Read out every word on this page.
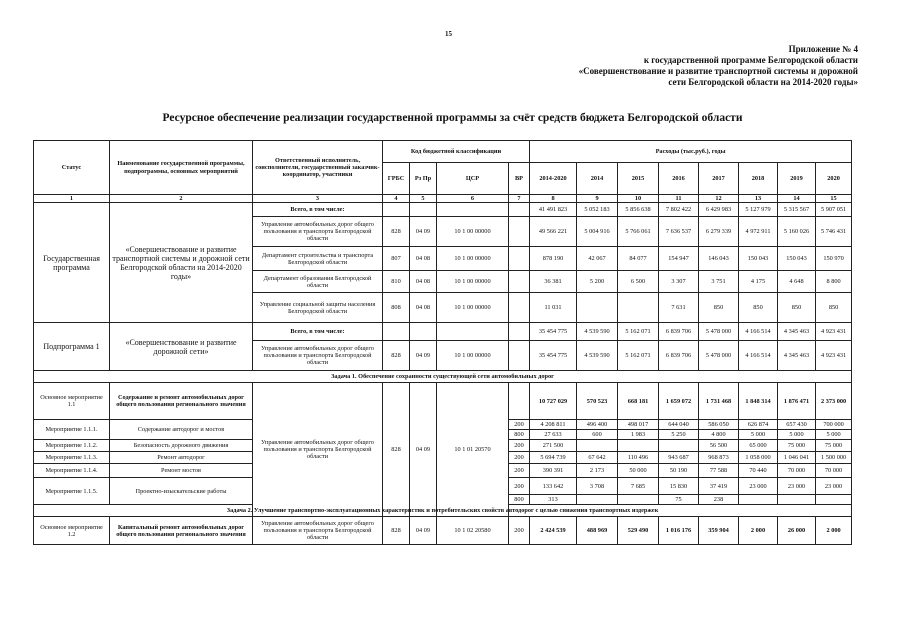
15
Приложение № 4
к государственной программе Белгородской области
«Совершенствование и развитие транспортной системы и дорожной
сети Белгородской области на 2014-2020 годы»
Ресурсное обеспечение реализации государственной программы за счёт средств бюджета Белгородской области
Статус	Наименование государственной программы, подпрограммы, основных мероприятий	Ответственный исполнитель, соисполнители, государственный заказчик-координатор, участники	Код бюджетной классификации				Расходы (тыс.руб.), годы							
			ГРБС	Рз Пр	ЦСР	ВР	2014-2020	2014	2015	2016	2017	2018	2019	2020
1	2	3	4	5	6	7	8	9	10	11	12	13	14	15
Государственная программа	«Совершенствование и развитие транспортной системы и дорожной сети Белгородской области на 2014-2020 годы»	Всего, в том числе:					41 491 823	5 052 183	5 856 638	7 802 422	6 429 983	5 127 979	5 315 567	5 907 051
		Управление автомобильных дорог общего пользования и транспорта Белгородской области	828	04 09	10 1 00 00000		49 566 221	5 004 916	5 766 061	7 636 537	6 279 339	4 972 911	5 160 026	5 746 431
		Департамент строительства и транспорта Белгородской области	807	04 08	10 1 00 00000		878 190	42 067	84 077	154 947	146 043	150 043	150 043	150 970
		Департамент образования Белгородской области	810	04 08	10 1 00 00000		36 381	5 200	6 500	3 307	3 751	4 175	4 648	8 800
		Управление социальной защиты населения Белгородской области	808	04 08	10 1 00 00000		11 031			7 631	850	850	850	850
Подпрограмма 1	«Совершенствование и развитие дорожной сети»	Всего, в том числе:					35 454 775	4 539 590	5 162 071	6 839 706	5 478 000	4 166 514	4 345 463	4 923 431
		Управление автомобильных дорог общего пользования и транспорта Белгородской области	828	04 09	10 1 00 00000		35 454 775	4 539 590	5 162 071	6 839 706	5 478 000	4 166 514	4 345 463	4 923 431
Задача 1. Обеспечение сохранности существующей сети автомобильных дорог														
Основное мероприятие 1.1	Содержание и ремонт автомобильных дорог общего пользования регионального значения	Управление автомобильных дорог общего пользования и транспорта Белгородской области	828	04 09	10 1 01 20570		10 727 029	570 523	668 181	1 659 072	1 731 468	1 848 314	1 876 471	2 373 000
Мероприятие 1.1.1.	Содержание автодорог и мостов					200	4 208 811	496 400	498 017	644 040	586 050	626 874	657 430	700 000
						800	27 633	600	1 983	5 250	4 800	5 000	5 000	5 000
Мероприятие 1.1.2.	Безопасность дорожного движения					200	271 500				56 500	65 000	75 000	75 000
Мероприятие 1.1.3.	Ремонт автодорог					200	5 694 739	67 642	110 496	943 687	968 873	1 058 000	1 046 041	1 500 000
Мероприятие 1.1.4.	Ремонт мостов					200	390 391	2 173	50 000	50 190	77 588	70 440	70 000	70 000
Мероприятие 1.1.5.	Проектно-изыскательские работы					200	133 642	3 708	7 685	15 830	37 419	23 000	23 000	23 000
						800	313			75	238			
Задача 2. Улучшение транспортно-эксплуатационных характеристик и потребительских свойств автодорог с целью снижения транспортных издержек														
Основное мероприятие 1.2	Капитальный ремонт автомобильных дорог общего пользования регионального значения	Управление автомобильных дорог общего пользования и транспорта Белгородской области	828	04 09	10 1 02 20580	200	2 424 539	488 969	529 490	1 016 176	359 904	2 000	26 000	2 000
